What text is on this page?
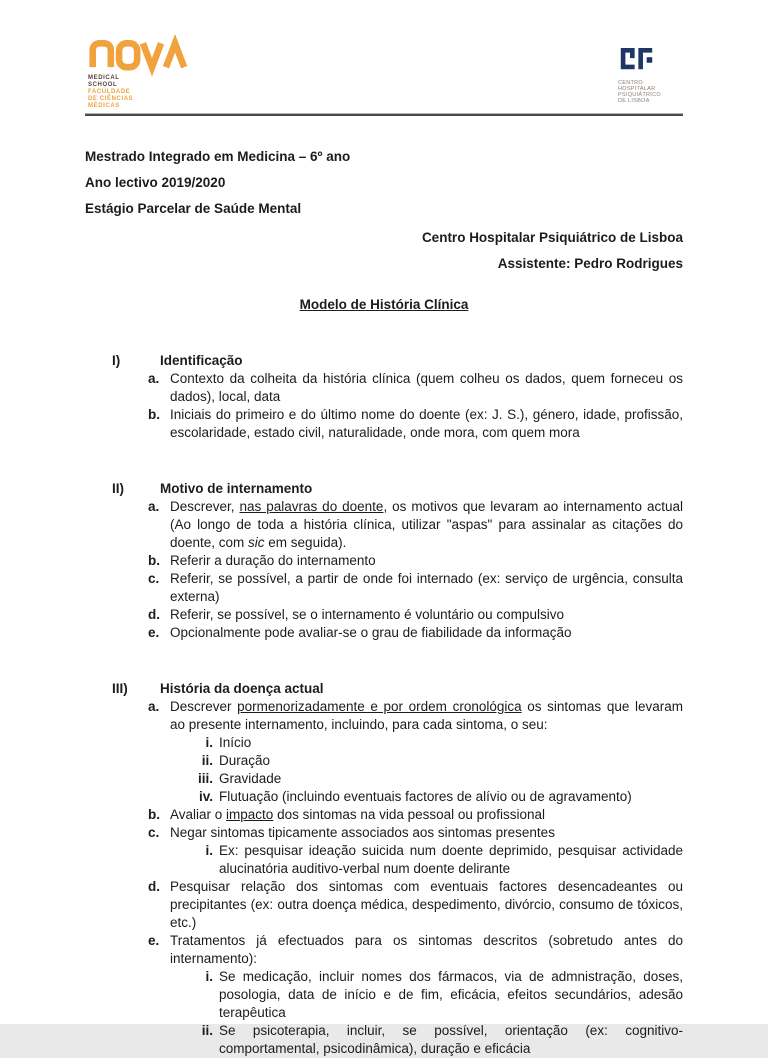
MEDICAL
SCHOOL
FACULDADE
DE CIÊNCIAS
MÉDICAS
CENTRO
HOSPITALAR
PSIQUIÁTRICO
DE LISBOA
Mestrado Integrado em Medicina – 6º ano
Ano lectivo 2019/2020
Estágio Parcelar de Saúde Mental
Centro Hospitalar Psiquiátrico de Lisboa
Assistente: Pedro Rodrigues
Modelo de História Clínica
I)	Identificação
a. Contexto da colheita da história clínica (quem colheu os dados, quem forneceu os dados), local, data
b. Iniciais do primeiro e do último nome do doente (ex: J. S.), género, idade, profissão, escolaridade, estado civil, naturalidade, onde mora, com quem mora
II)	Motivo de internamento
a. Descrever, nas palavras do doente, os motivos que levaram ao internamento actual (Ao longo de toda a história clínica, utilizar "aspas" para assinalar as citações do doente, com sic em seguida).
b. Referir a duração do internamento
c. Referir, se possível, a partir de onde foi internado (ex: serviço de urgência, consulta externa)
d. Referir, se possível, se o internamento é voluntário ou compulsivo
e. Opcionalmente pode avaliar-se o grau de fiabilidade da informação
III)	História da doença actual
a. Descrever pormenorizadamente e por ordem cronológica os sintomas que levaram ao presente internamento, incluindo, para cada sintoma, o seu:
i. Início
ii. Duração
iii. Gravidade
iv. Flutuação (incluindo eventuais factores de alívio ou de agravamento)
b. Avaliar o impacto dos sintomas na vida pessoal ou profissional
c. Negar sintomas tipicamente associados aos sintomas presentes
i. Ex: pesquisar ideação suicida num doente deprimido, pesquisar actividade alucinatória auditivo-verbal num doente delirante
d. Pesquisar relação dos sintomas com eventuais factores desencadeantes ou precipitantes (ex: outra doença médica, despedimento, divórcio, consumo de tóxicos, etc.)
e. Tratamentos já efectuados para os sintomas descritos (sobretudo antes do internamento):
i. Se medicação, incluir nomes dos fármacos, via de admnistração, doses, posologia, data de início e de fim, eficácia, efeitos secundários, adesão terapêutica
ii. Se psicoterapia, incluir, se possível, orientação (ex: cognitivo-comportamental, psicodinâmica), duração e eficácia
